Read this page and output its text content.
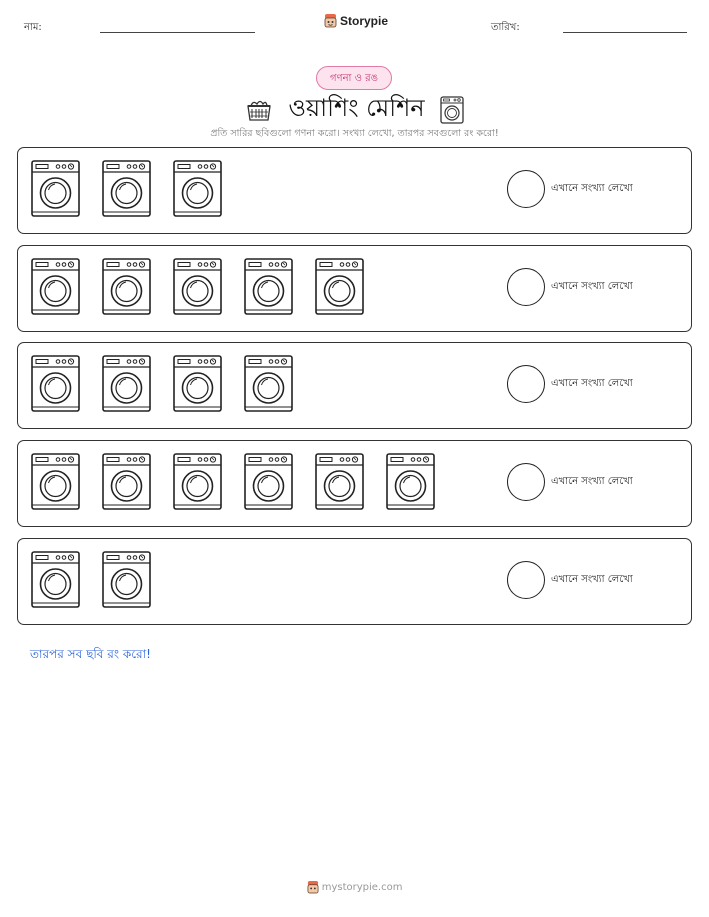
নাম:	Storypie	তারিখ:
গণনা ও রঙ
ওয়াশিং মেশিন
প্রতি সারির ছবিগুলো গণনা করো। সংখ্যা লেখো, তারপর সবগুলো রং করো!
এখানে সংখ্যা লেখো
এখানে সংখ্যা লেখো
এখানে সংখ্যা লেখো
এখানে সংখ্যা লেখো
এখানে সংখ্যা লেখো
তারপর সব ছবি রং করো!
mystorypie.com
